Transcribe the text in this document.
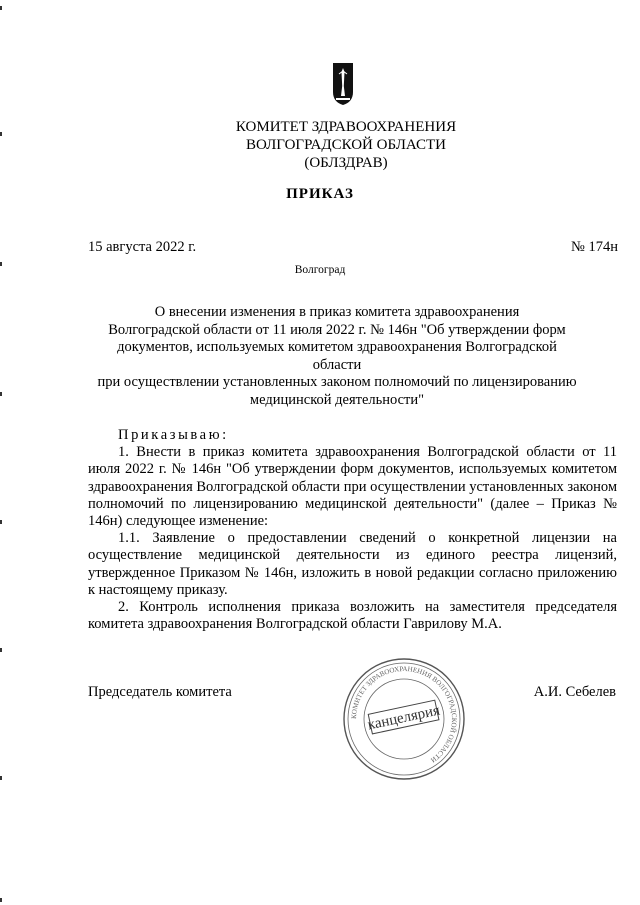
КОМИТЕТ ЗДРАВООХРАНЕНИЯ
ВОЛГОГРАДСКОЙ ОБЛАСТИ
(ОБЛЗДРАВ)
ПРИКАЗ
15 августа 2022 г.	№ 174н
Волгоград
О внесении изменения в приказ комитета здравоохранения
Волгоградской области от 11 июля 2022 г. № 146н "Об утверждении форм
документов, используемых комитетом здравоохранения Волгоградской области
при осуществлении установленных законом полномочий по лицензированию
медицинской деятельности"

Приказываю:

1. Внести в приказ комитета здравоохранения Волгоградской области от 11 июля 2022 г. № 146н "Об утверждении форм документов, используемых комитетом здравоохранения Волгоградской области при осуществлении установленных законом полномочий по лицензированию медицинской деятельности" (далее – Приказ № 146н) следующее изменение:

1.1. Заявление о предоставлении сведений о конкретной лицензии на осуществление медицинской деятельности из единого реестра лицензий, утвержденное Приказом № 146н, изложить в новой редакции согласно приложению к настоящему приказу.

2. Контроль исполнения приказа возложить на заместителя председателя комитета здравоохранения Волгоградской области Гаврилову М.А.

Председатель комитета	А.И. Себелев
КОМИТЕТ ЗДРАВООХРАНЕНИЯ ВОЛГОГРАДСКОЙ ОБЛАСТИ
канцелярия
